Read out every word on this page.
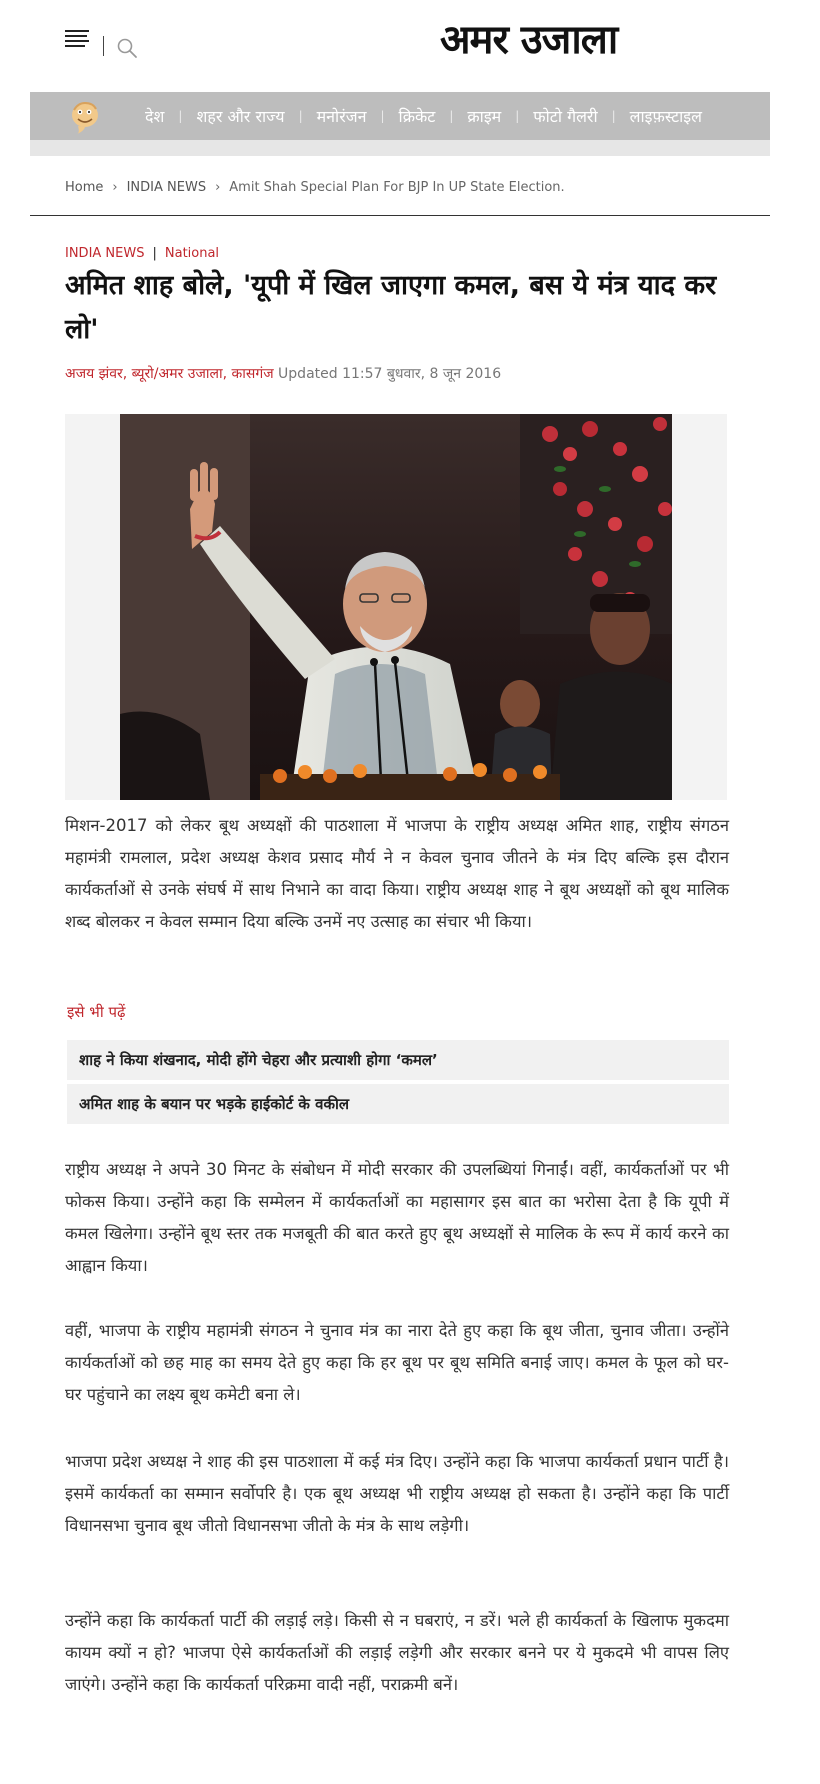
अमर उजाला
देश | शहर और राज्य | मनोरंजन | क्रिकेट | क्राइम | फोटो गैलरी | लाइफ़स्टाइल
Home › INDIA NEWS › Amit Shah Special Plan For BJP In UP State Election.
INDIA NEWS | National
अमित शाह बोले, 'यूपी में खिल जाएगा कमल, बस ये मंत्र याद कर लो'
अजय झंवर, ब्यूरो/अमर उजाला, कासगंज Updated 11:57 बुधवार, 8 जून 2016

मिशन-2017 को लेकर बूथ अध्यक्षों की पाठशाला में भाजपा के राष्ट्रीय अध्यक्ष अमित शाह, राष्ट्रीय संगठन महामंत्री रामलाल, प्रदेश अध्यक्ष केशव प्रसाद मौर्य ने न केवल चुनाव जीतने के मंत्र दिए बल्कि इस दौरान कार्यकर्ताओं से उनके संघर्ष में साथ निभाने का वादा किया। राष्ट्रीय अध्यक्ष शाह ने बूथ अध्यक्षों को बूथ मालिक शब्द बोलकर न केवल सम्मान दिया बल्कि उनमें नए उत्साह का संचार भी किया।

इसे भी पढ़ें
शाह ने किया शंखनाद, मोदी होंगे चेहरा और प्रत्याशी होगा ‘कमल’
अमित शाह के बयान पर भड़के हाईकोर्ट के वकील

राष्ट्रीय अध्यक्ष ने अपने 30 मिनट के संबोधन में मोदी सरकार की उपलब्धियां गिनाईं। वहीं, कार्यकर्ताओं पर भी फोकस किया। उन्होंने कहा कि सम्मेलन में कार्यकर्ताओं का महासागर इस बात का भरोसा देता है कि यूपी में कमल खिलेगा। उन्होंने बूथ स्तर तक मजबूती की बात करते हुए बूथ अध्यक्षों से मालिक के रूप में कार्य करने का आह्वान किया।

वहीं, भाजपा के राष्ट्रीय महामंत्री संगठन ने चुनाव मंत्र का नारा देते हुए कहा कि बूथ जीता, चुनाव जीता। उन्होंने कार्यकर्ताओं को छह माह का समय देते हुए कहा कि हर बूथ पर बूथ समिति बनाई जाए। कमल के फूल को घर-घर पहुंचाने का लक्ष्य बूथ कमेटी बना ले।

भाजपा प्रदेश अध्यक्ष ने शाह की इस पाठशाला में कई मंत्र दिए। उन्होंने कहा कि भाजपा कार्यकर्ता प्रधान पार्टी है। इसमें कार्यकर्ता का सम्मान सर्वोपरि है। एक बूथ अध्यक्ष भी राष्ट्रीय अध्यक्ष हो सकता है। उन्होंने कहा कि पार्टी विधानसभा चुनाव बूथ जीतो विधानसभा जीतो के मंत्र के साथ लड़ेगी।

उन्होंने कहा कि कार्यकर्ता पार्टी की लड़ाई लड़े। किसी से न घबराएं, न डरें। भले ही कार्यकर्ता के खिलाफ मुकदमा कायम क्यों न हो? भाजपा ऐसे कार्यकर्ताओं की लड़ाई लड़ेगी और सरकार बनने पर ये मुकदमे भी वापस लिए जाएंगे। उन्होंने कहा कि कार्यकर्ता परिक्रमा वादी नहीं, पराक्रमी बनें।
